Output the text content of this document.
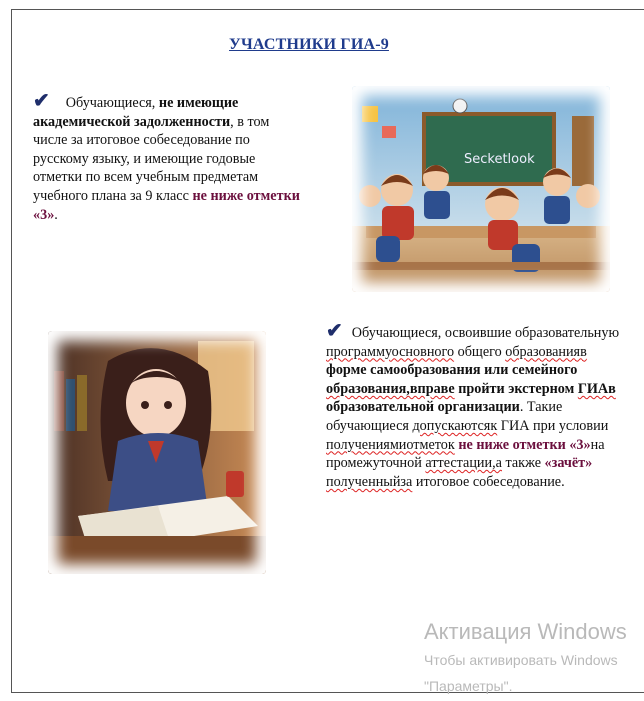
УЧАСТНИКИ ГИА-9
✔ Обучающиеся, не имеющие академической задолженности, в том числе за итоговое собеседование по русскому языку, и имеющие годовые отметки по всем учебным предметам учебного плана за 9 класс не ниже отметки «3».
Secketlook
✔ Обучающиеся, освоившие образовательную программуосновного общего образованияв форме самообразования или семейного образования,вправе пройти экстерном ГИАв образовательной организации. Такие обучающиеся допускаютсяк ГИА при условии получениямиотметок не ниже отметки «3»на промежуточной аттестации,а также «зачёт» полученныйза итоговое собеседование.
Активация Windows
Чтобы активировать Windows
"Параметры".
